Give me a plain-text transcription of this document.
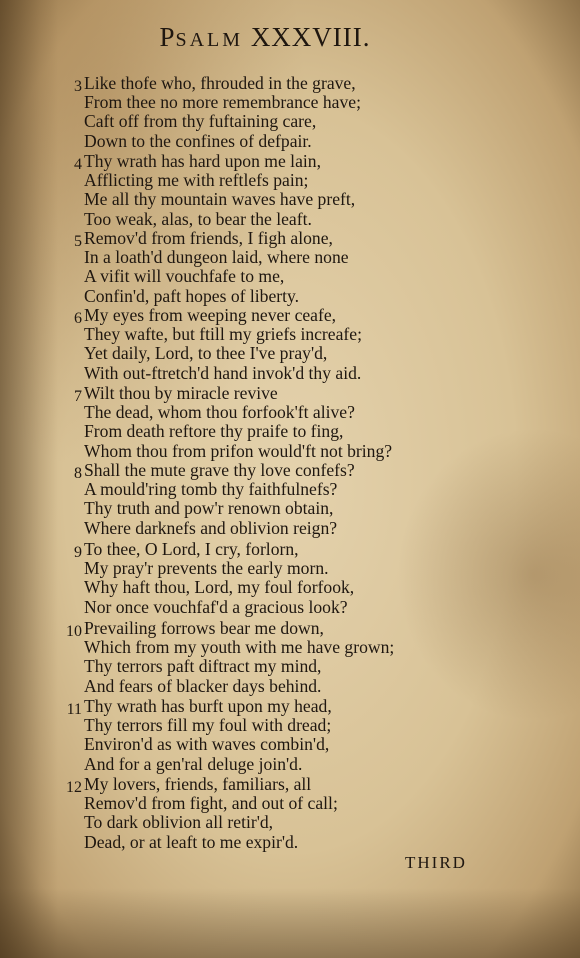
PSALM XXXVIII.
3 Like thofe who, fhrouded in the grave,
From thee no more remembrance have;
Caft off from thy fuftaining care,
Down to the confines of defpair.
4 Thy wrath has hard upon me lain,
Afflicting me with reftlefs pain;
Me all thy mountain waves have preft,
Too weak, alas, to bear the leaft.
5 Remov'd from friends, I figh alone,
In a loath'd dungeon laid, where none
A vifit will vouchfafe to me,
Confin'd, paft hopes of liberty.
6 My eyes from weeping never ceafe,
They wafte, but ftill my griefs increafe;
Yet daily, Lord, to thee I've pray'd,
With out-ftretch'd hand invok'd thy aid.
7 Wilt thou by miracle revive
The dead, whom thou forfook'ft alive?
From death reftore thy praife to fing,
Whom thou from prifon would'ft not bring?
8 Shall the mute grave thy love confefs?
A mould'ring tomb thy faithfulnefs?
Thy truth and pow'r renown obtain,
Where darknefs and oblivion reign?
9 To thee, O Lord, I cry, forlorn,
My pray'r prevents the early morn.
Why haft thou, Lord, my foul forfook,
Nor once vouchfaf'd a gracious look?
10 Prevailing forrows bear me down,
Which from my youth with me have grown;
Thy terrors paft diftract my mind,
And fears of blacker days behind.
11 Thy wrath has burft upon my head,
Thy terrors fill my foul with dread;
Environ'd as with waves combin'd,
And for a gen'ral deluge join'd.
12 My lovers, friends, familiars, all
Remov'd from fight, and out of call;
To dark oblivion all retir'd,
Dead, or at leaft to me expir'd.
THIRD
